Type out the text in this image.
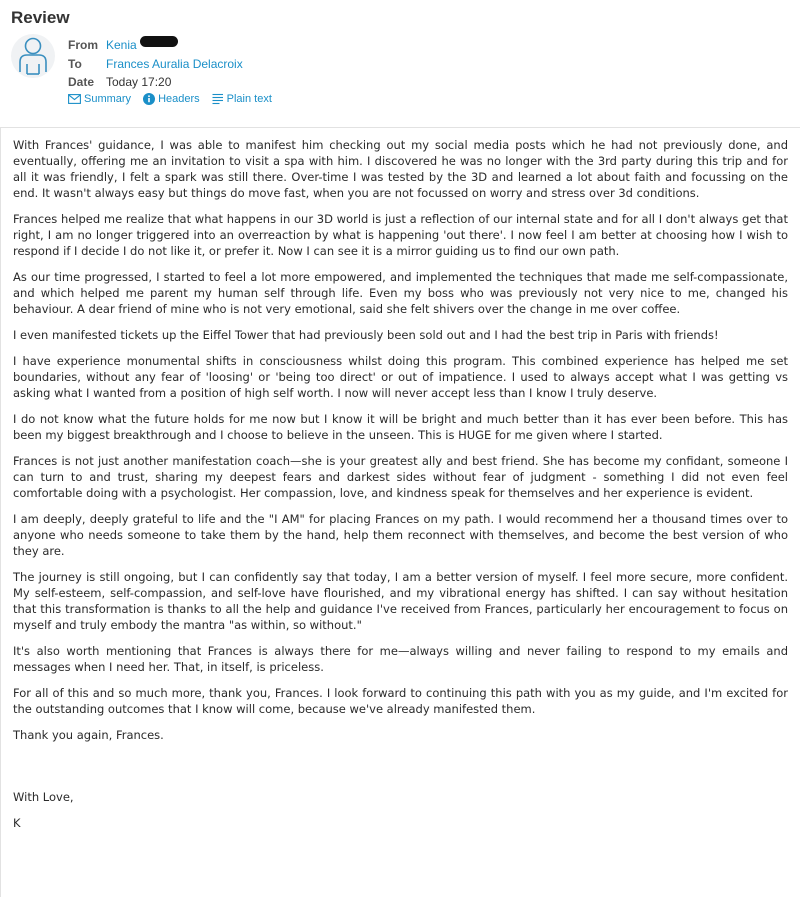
Review
From Kenia
To	Frances Auralia Delacroix
Date Today 17:20
Summary Headers Plain text

With Frances' guidance, I was able to manifest him checking out my social media posts which he had not previously done, and eventually, offering me an invitation to visit a spa with him. I discovered he was no longer with the 3rd party during this trip and for all it was friendly, I felt a spark was still there. Over-time I was tested by the 3D and learned a lot about faith and focussing on the end. It wasn't always easy but things do move fast, when you are not focussed on worry and stress over 3d conditions.

Frances helped me realize that what happens in our 3D world is just a reflection of our internal state and for all I don't always get that right, I am no longer triggered into an overreaction by what is happening 'out there'. I now feel I am better at choosing how I wish to respond if I decide I do not like it, or prefer it. Now I can see it is a mirror guiding us to find our own path.

As our time progressed, I started to feel a lot more empowered, and implemented the techniques that made me self-compassionate, and which helped me parent my human self through life. Even my boss who was previously not very nice to me, changed his behaviour. A dear friend of mine who is not very emotional, said she felt shivers over the change in me over coffee.

I even manifested tickets up the Eiffel Tower that had previously been sold out and I had the best trip in Paris with friends!

I have experience monumental shifts in consciousness whilst doing this program. This combined experience has helped me set boundaries, without any fear of 'loosing' or 'being too direct' or out of impatience. I used to always accept what I was getting vs asking what I wanted from a position of high self worth. I now will never accept less than I know I truly deserve.

I do not know what the future holds for me now but I know it will be bright and much better than it has ever been before. This has been my biggest breakthrough and I choose to believe in the unseen. This is HUGE for me given where I started.

Frances is not just another manifestation coach—she is your greatest ally and best friend. She has become my confidant, someone I can turn to and trust, sharing my deepest fears and darkest sides without fear of judgment - something I did not even feel comfortable doing with a psychologist. Her compassion, love, and kindness speak for themselves and her experience is evident.

I am deeply, deeply grateful to life and the "I AM" for placing Frances on my path. I would recommend her a thousand times over to anyone who needs someone to take them by the hand, help them reconnect with themselves, and become the best version of who they are.

The journey is still ongoing, but I can confidently say that today, I am a better version of myself. I feel more secure, more confident. My self-esteem, self-compassion, and self-love have flourished, and my vibrational energy has shifted. I can say without hesitation that this transformation is thanks to all the help and guidance I've received from Frances, particularly her encouragement to focus on myself and truly embody the mantra "as within, so without."

It's also worth mentioning that Frances is always there for me—always willing and never failing to respond to my emails and messages when I need her. That, in itself, is priceless.

For all of this and so much more, thank you, Frances. I look forward to continuing this path with you as my guide, and I'm excited for the outstanding outcomes that I know will come, because we've already manifested them.

Thank you again, Frances.

With Love,

K
